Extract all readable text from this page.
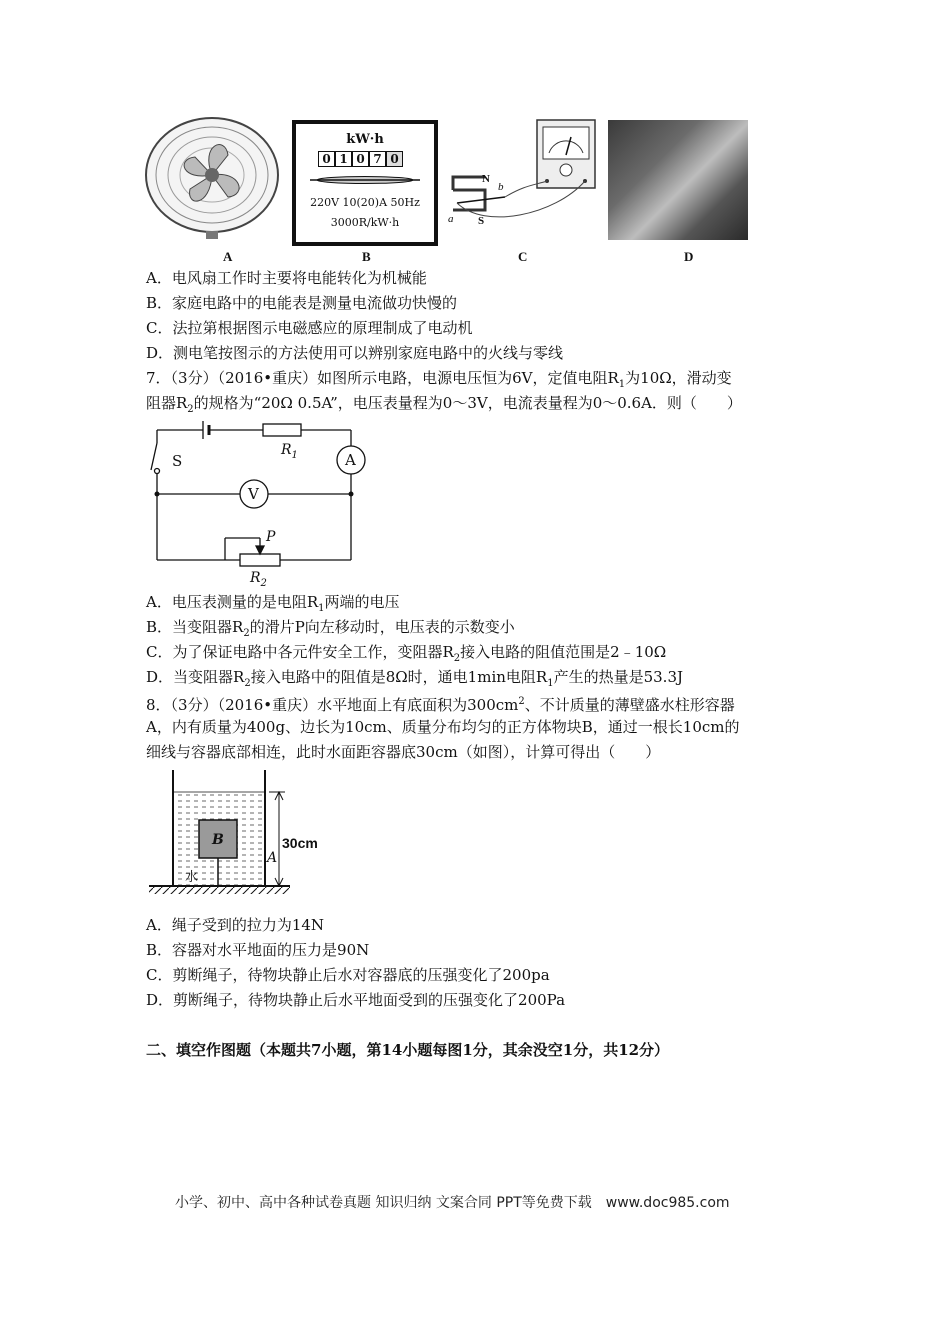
kW·h
0 1 0 7 0
220V 10(20)A 50Hz
3000R/kW·h
N
b
a S
A	B	C	D
A．电风扇工作时主要将电能转化为机械能
B．家庭电路中的电能表是测量电流做功快慢的
C．法拉第根据图示电磁感应的原理制成了电动机
D．测电笔按图示的方法使用可以辨别家庭电路中的火线与零线
7．（3分）（2016•重庆）如图所示电路，电源电压恒为6V，定值电阻$R_1$为10Ω，滑动变
阻器$R_2$的规格为“20Ω 0.5A”，电压表量程为0～3V，电流表量程为0～0.6A．则（　　）
S
$R_1$	A
V
P
$R_2$
A．电压表测量的是电阻$R_1$两端的电压
B．当变阻器$R_2$的滑片P向左移动时，电压表的示数变小
C．为了保证电路中各元件安全工作，变阻器$R_2$接入电路的阻值范围是2﹣10Ω
D．当变阻器$R_2$接入电路中的阻值是8Ω时，通电1min电阻$R_1$产生的热量是53.3J
8．（3分）（2016•重庆）水平地面上有底面积为$300cm^2$、不计质量的薄壁盛水柱形容器
A，内有质量为400g、边长为10cm、质量分布均匀的正方体物块B，通过一根长10cm的
细线与容器底部相连，此时水面距容器底30cm（如图），计算可得出（　　）
B
A
水
30cm
A．绳子受到的拉力为14N
B．容器对水平地面的压力是90N
C．剪断绳子，待物块静止后水对容器底的压强变化了200pa
D．剪断绳子，待物块静止后水平地面受到的压强变化了200Pa
二、填空作图题（本题共7小题，第14小题每图1分，其余没空1分，共12分）
小学、初中、高中各种试卷真题 知识归纳 文案合同 PPT等免费下载　www.doc985.com
